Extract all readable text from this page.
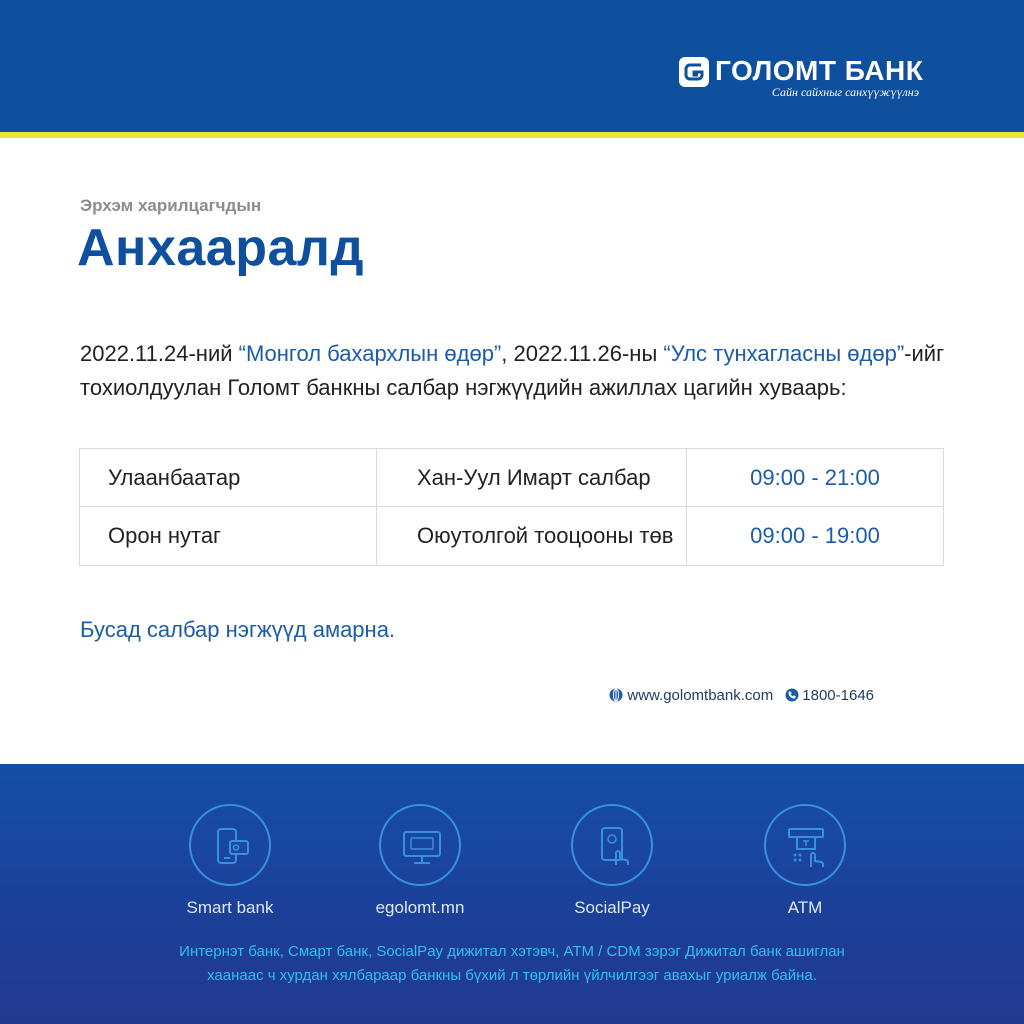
ГОЛОМТ БАНК
Сайн сайхныг санхүүжүүлнэ
Эрхэм харилцагчдын
Анхааралд
2022.11.24-ний “Монгол бахархлын өдөр”, 2022.11.26-ны “Улс тунхагласны өдөр”-ийг
тохиолдуулан Голомт банкны салбар нэгжүүдийн ажиллах цагийн хуваарь:
Улаанбаатар	Хан-Уул Имарт салбар	09:00 - 21:00
Орон нутаг	Оюутолгой тооцооны төв	09:00 - 19:00
Бусад салбар нэгжүүд амарна.
www.golomtbank.com 1800-1646
Smart bank	egolomt.mn	SocialPay	ATM
Интернэт банк, Смарт банк, SocialPay дижитал хэтэвч, ATM / CDM зэрэг Дижитал банк ашиглан
хаанаас ч хурдан хялбараар банкны бүхий л төрлийн үйлчилгээг авахыг уриалж байна.
